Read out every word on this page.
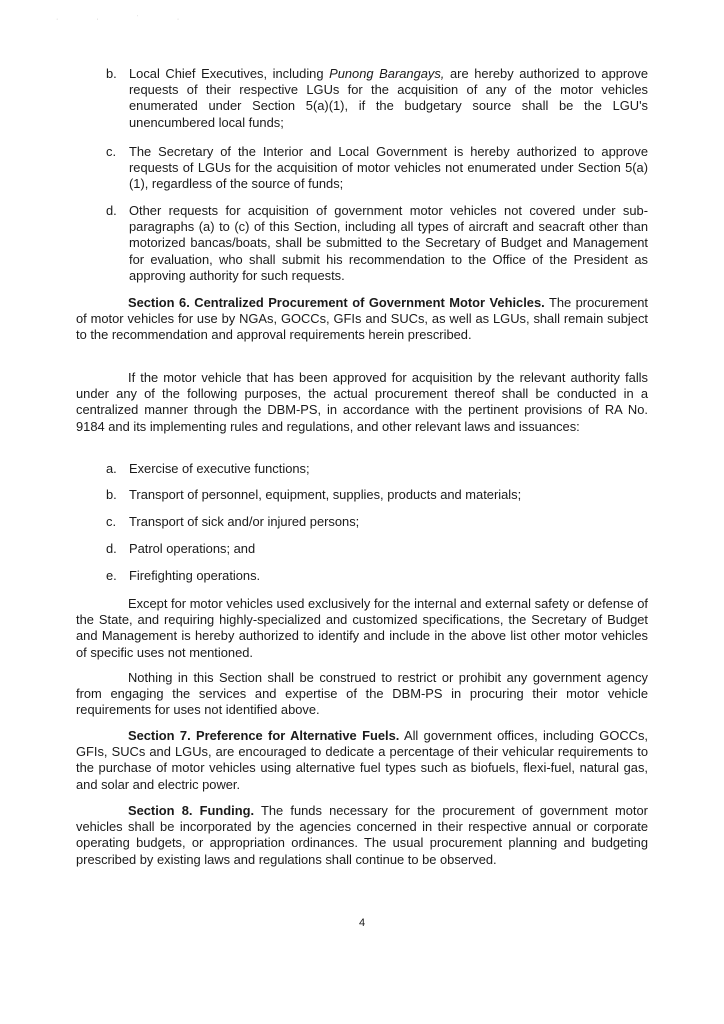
· · ˙ ·

b. Local Chief Executives, including Punong Barangays, are hereby authorized to approve requests of their respective LGUs for the acquisition of any of the motor vehicles enumerated under Section 5(a)(1), if the budgetary source shall be the LGU's unencumbered local funds;

c. The Secretary of the Interior and Local Government is hereby authorized to approve requests of LGUs for the acquisition of motor vehicles not enumerated under Section 5(a)(1), regardless of the source of funds;

d. Other requests for acquisition of government motor vehicles not covered under sub-paragraphs (a) to (c) of this Section, including all types of aircraft and seacraft other than motorized bancas/boats, shall be submitted to the Secretary of Budget and Management for evaluation, who shall submit his recommendation to the Office of the President as approving authority for such requests.

Section 6. Centralized Procurement of Government Motor Vehicles. The procurement of motor vehicles for use by NGAs, GOCCs, GFIs and SUCs, as well as LGUs, shall remain subject to the recommendation and approval requirements herein prescribed.

If the motor vehicle that has been approved for acquisition by the relevant authority falls under any of the following purposes, the actual procurement thereof shall be conducted in a centralized manner through the DBM-PS, in accordance with the pertinent provisions of RA No. 9184 and its implementing rules and regulations, and other relevant laws and issuances:

a. Exercise of executive functions;

b. Transport of personnel, equipment, supplies, products and materials;

c. Transport of sick and/or injured persons;

d. Patrol operations; and

e. Firefighting operations.

Except for motor vehicles used exclusively for the internal and external safety or defense of the State, and requiring highly-specialized and customized specifications, the Secretary of Budget and Management is hereby authorized to identify and include in the above list other motor vehicles of specific uses not mentioned.

Nothing in this Section shall be construed to restrict or prohibit any government agency from engaging the services and expertise of the DBM-PS in procuring their motor vehicle requirements for uses not identified above.

Section 7. Preference for Alternative Fuels. All government offices, including GOCCs, GFIs, SUCs and LGUs, are encouraged to dedicate a percentage of their vehicular requirements to the purchase of motor vehicles using alternative fuel types such as biofuels, flexi-fuel, natural gas, and solar and electric power.

Section 8. Funding. The funds necessary for the procurement of government motor vehicles shall be incorporated by the agencies concerned in their respective annual or corporate operating budgets, or appropriation ordinances. The usual procurement planning and budgeting prescribed by existing laws and regulations shall continue to be observed.

4
